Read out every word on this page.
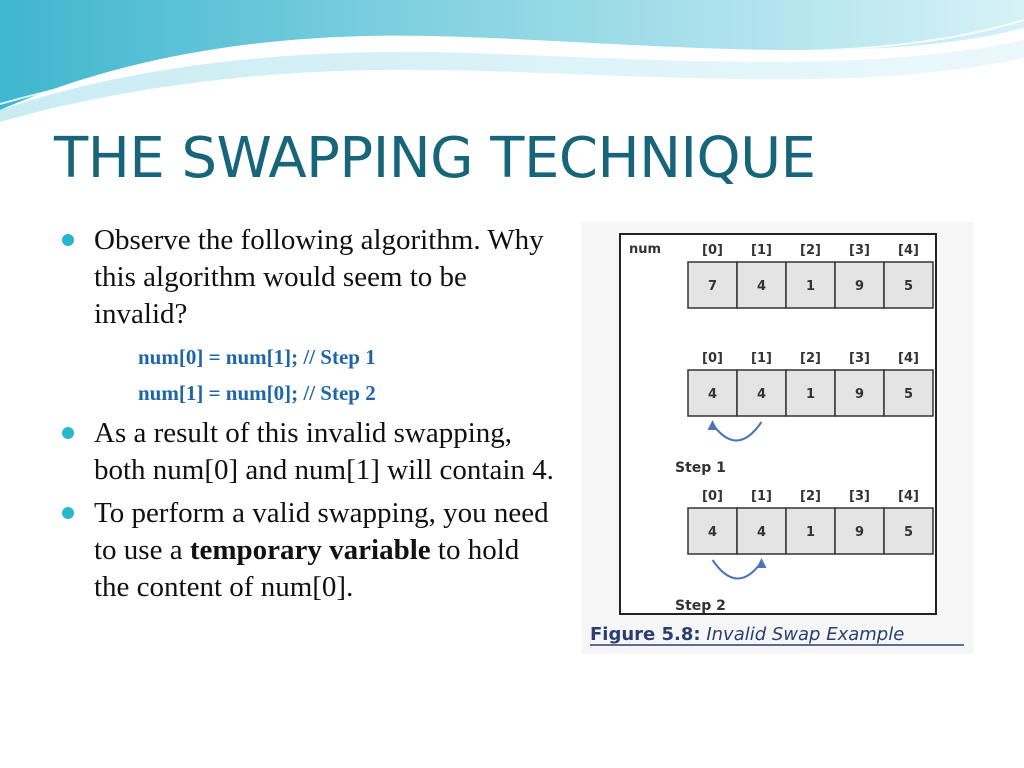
THE SWAPPING TECHNIQUE
Observe the following algorithm. Why this algorithm would seem to be invalid?
num[0] = num[1]; // Step 1
num[1] = num[0]; // Step 2
As a result of this invalid swapping, both num[0] and num[1] will contain 4.
To perform a valid swapping, you need to use a temporary variable to hold the content of num[0].
num	[0] [1] [2] [3] [4]
7	4	1	9	5
[0] [1] [2] [3] [4]
4	4	1	9	5
Step 1
[0] [1] [2] [3] [4]
4	4	1	9	5
Step 2
Figure 5.8: Invalid Swap Example
